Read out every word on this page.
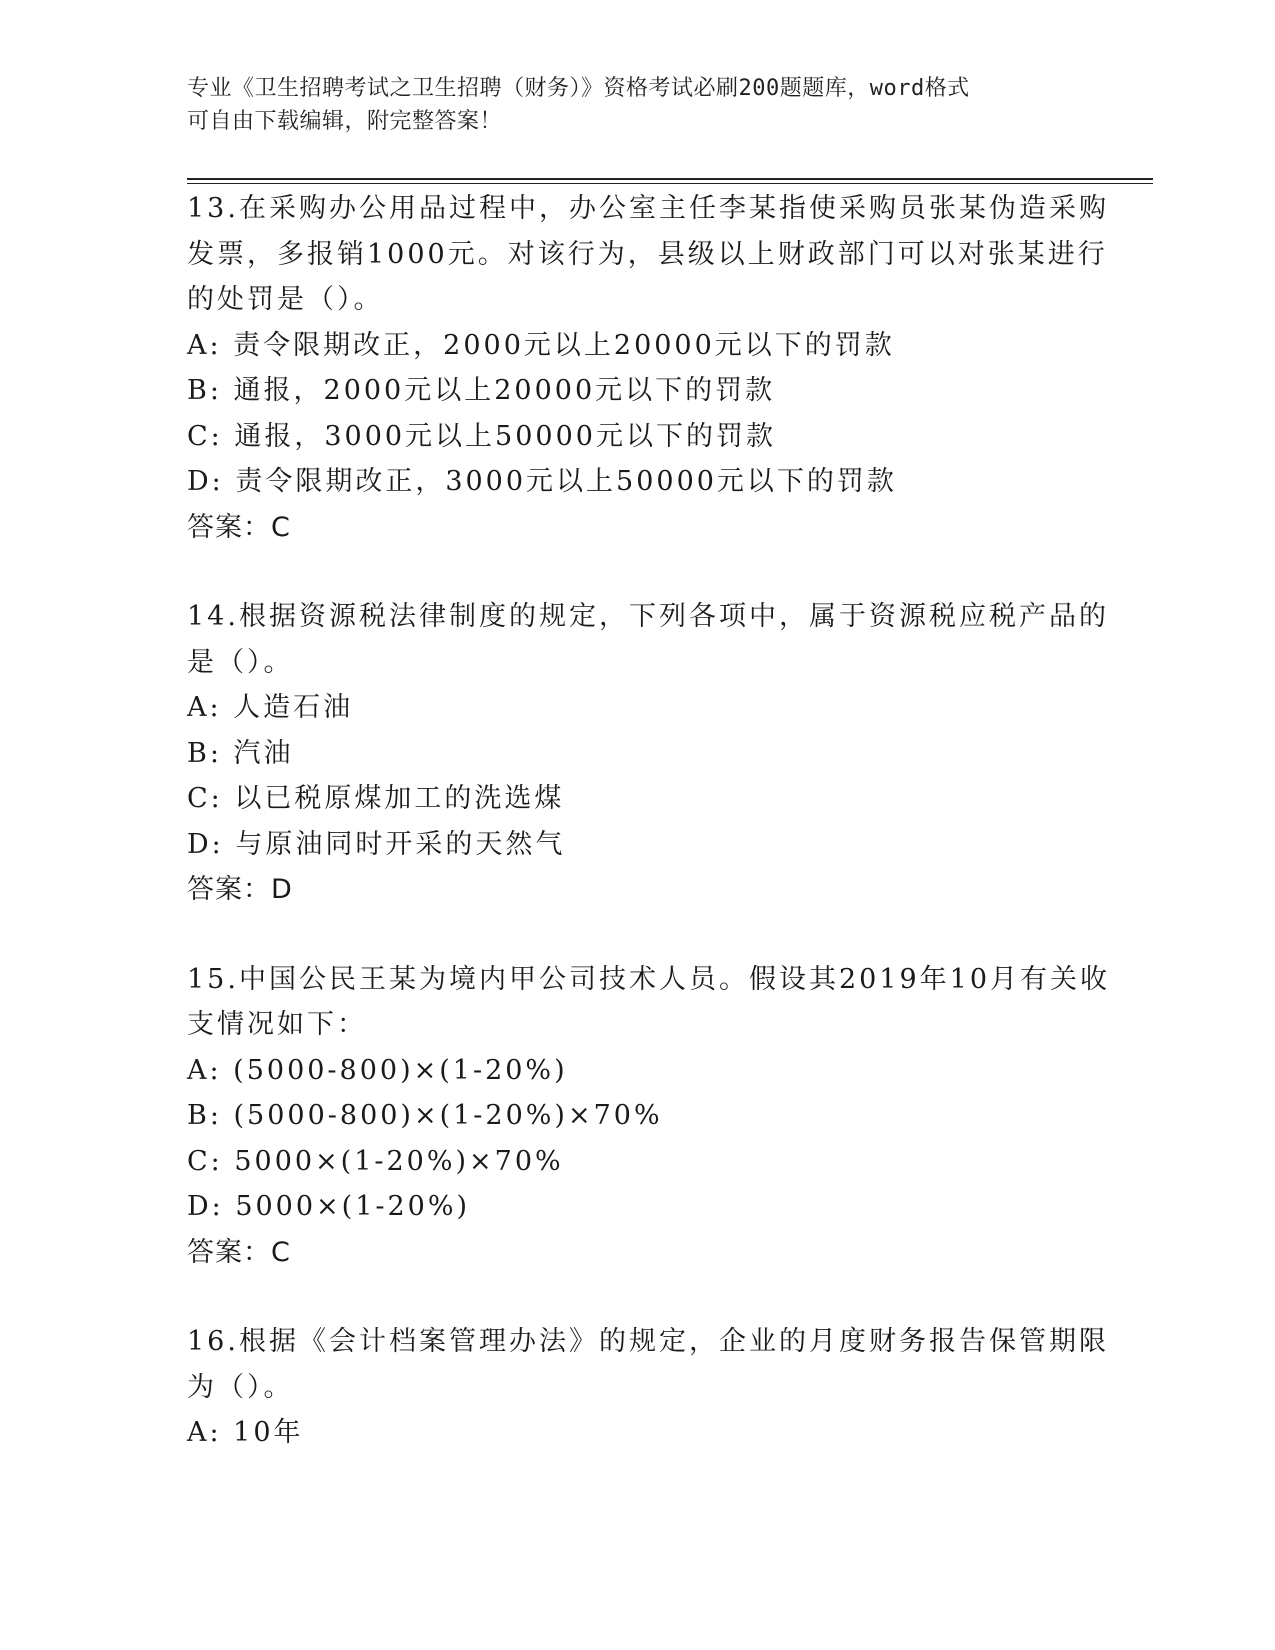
专业《卫生招聘考试之卫生招聘（财务）》资格考试必刷200题题库，word格式
可自由下载编辑，附完整答案！
13.在采购办公用品过程中，办公室主任李某指使采购员张某伪造采购
发票，多报销1000元。对该行为，县级以上财政部门可以对张某进行
的处罚是（）。
A: 责令限期改正，2000元以上20000元以下的罚款
B: 通报，2000元以上20000元以下的罚款
C: 通报，3000元以上50000元以下的罚款
D: 责令限期改正，3000元以上50000元以下的罚款
答案：C
14.根据资源税法律制度的规定，下列各项中，属于资源税应税产品的
是（）。
A: 人造石油
B: 汽油
C: 以已税原煤加工的洗选煤
D: 与原油同时开采的天然气
答案：D
15.中国公民王某为境内甲公司技术人员。假设其2019年10月有关收
支情况如下：
A: (5000-800)×(1-20%)
B: (5000-800)×(1-20%)×70%
C: 5000×(1-20%)×70%
D: 5000×(1-20%)
答案：C
16.根据《会计档案管理办法》的规定，企业的月度财务报告保管期限
为（）。
A: 10年
